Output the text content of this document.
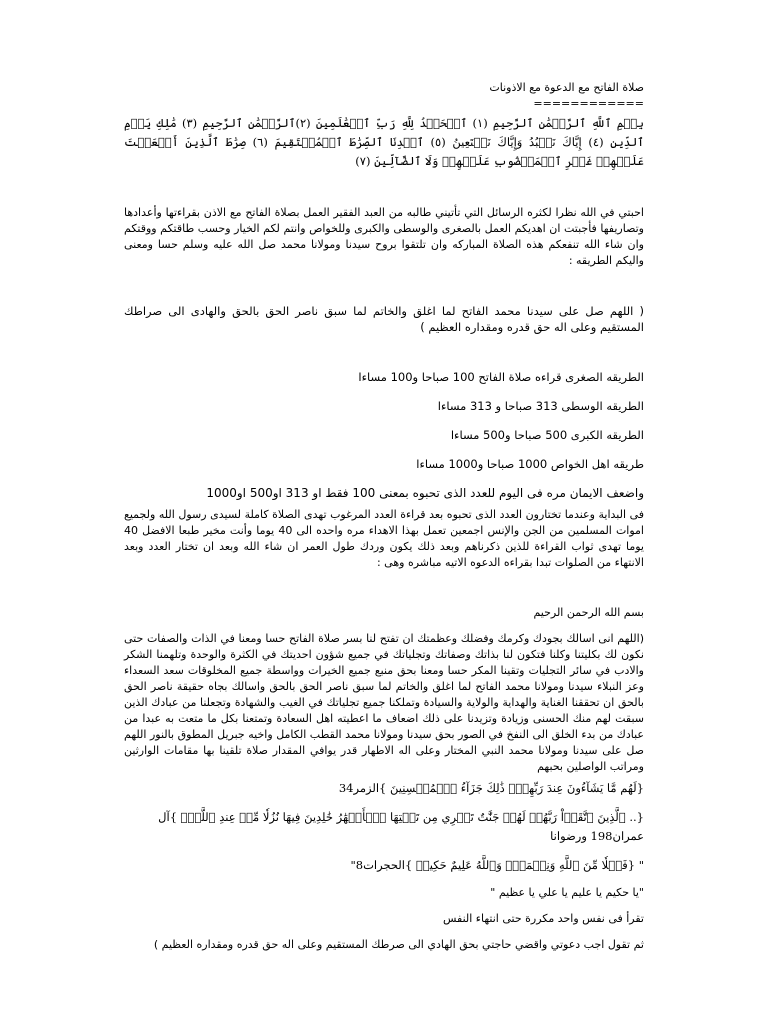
صلاة الفاتح مع الدعوة مع الاذونات

============

بِسۡمِ ٱللَّهِ ٱلرَّحۡمَٰنِ ٱلرَّحِيمِ (١) ٱلۡحَمۡدُ لِلَّهِ رَبِّ ٱلۡعَٰلَمِينَ (٢)ٱلرَّحۡمَٰنِ ٱلرَّحِيمِ (٣) مَٰلِكِ يَوۡمِ ٱلدِّينِ (٤) إِيَّاكَ نَعۡبُدُ وَإِيَّاكَ نَسۡتَعِينُ (٥) ٱهۡدِنَا ٱلصِّرَٰطَ ٱلۡمُسۡتَقِيمَ (٦) صِرَٰطَ ٱلَّذِينَ أَنۡعَمۡتَ عَلَيۡهِمۡ غَيۡرِ ٱلۡمَغۡضُوبِ عَلَيۡهِمۡ وَلَا ٱلضَّآلِّينَ (٧)

احبتي في الله نظرا لكثره الرسائل التي تأتيني طالبه من العبد الفقير العمل بصلاة الفاتح مع الاذن بقراءتها وأعدادها وتصاريفها فأجبتت ان اهديكم العمل بالصغرى والوسطى والكبرى وللخواص وانتم لكم الخيار وحسب طاقتكم ووقتكم وان شاء الله تنفعكم هذه الصلاة المباركه وان تلتقوا بروح سيدنا ومولانا محمد صل الله عليه وسلم حسا ومعنى واليكم الطريقه :

( اللهم صل على سيدنا محمد الفاتح لما اغلق والخاتم لما سبق ناصر الحق بالحق والهادى الى صراطك المستقيم وعلى اله حق قدره ومقداره العظيم )

الطريقه الصغرى قراءه صلاة الفاتح 100 صباحا و100 مساءا

الطريقه الوسطى 313 صباحا و 313 مساءا

الطريقه الكبرى 500 صباحا و500 مساءا

طريقه اهل الخواص 1000 صباحا و1000 مساءا

واضعف الايمان مره فى اليوم للعدد الذى تحبوه بمعنى 100 فقط او 313 او500 او1000

فى البداية وعندما تختارون العدد الذى تحبوه بعد قراءة العدد المرغوب تهدى الصلاة كاملة لسيدى رسول الله ولجميع اموات المسلمين من الجن والإنس اجمعين تعمل بهذا الاهداء مره واحده الى 40 يوما وأنت مخير طبعا الافضل 40 يوما تهدى ثواب القراءة للذين ذكرناهم وبعد ذلك يكون وردك طول العمر ان شاء الله وبعد ان تختار العدد وبعد الانتهاء من الصلوات تبدا بقراءه الدعوه الاتيه مباشره وهى :

بسم الله الرحمن الرحيم

(اللهم انى اسالك بجودك وكرمك وفضلك وعظمتك ان تفتح لنا بسر صلاة الفاتح حسا ومعنا في الذات والصفات حتى نكون لك بكليتنا وكلنا فتكون لنا بذاتك وصفاتك وتجلياتك في جميع شؤون احديتك في الكثرة والوحدة وتلهمنا الشكر والادب في سائر التجليات وتقينا المكر حسا ومعنا بحق منبع جميع الخيرات وواسطة جميع المخلوقات سعد السعداء وعز النبلاء سيدنا ومولانا محمد الفاتح لما اغلق والخاتم لما سبق ناصر الحق بالحق واسالك بجاه حقيقة ناصر الحق بالحق ان تحققنا الغناية والهداية والولاية والسيادة وتملكنا جميع تجلياتك في الغيب والشهادة وتجعلنا من عبادك الذين سبقت لهم منك الحسنى وزيادة وتزيدنا على ذلك اضعاف ما اعطيته اهل السعادة وتمتعنا بكل ما متعت به عبدا من عبادك من بدء الخلق الى النفخ في الصور بحق سيدنا ومولانا محمد القطب الكامل واخيه جبريل المطوق بالنور اللهم صل على سيدنا ومولانا محمد النبي المختار وعلى اله الاطهار قدر يوافي المقدار صلاة تلقينا بها مقامات الوارثين ومراتب الواصلين بحبهم

{لَهُم مَّا يَشَآءُونَ عِندَ رَبِّهِمۡۚ ذَٰلِكَ جَزَآءُ ٱلۡمُحۡسِنِينَ }الزمر34

{.. ٱلَّذِينَ ٱتَّقَوۡاْ رَبَّهُمۡ لَهُمۡ جَنَّٰتٌ تَجۡرِي مِن تَحۡتِهَا ٱلۡأَنۡهَٰرُ خَٰلِدِينَ فِيهَا نُزُلٗا مِّنۡ عِندِ ٱللَّهِۗ }آل عمران198 ورضوانا

" {فَضۡلٗا مِّنَ ٱللَّهِ وَنِعۡمَةٗۚ وَٱللَّهُ عَلِيمٌ حَكِيمٞ }الحجرات8"

"يا حكيم يا عليم يا علي يا عظيم "

تقرأ فى نفس واحد مكررة حتى انتهاء النفس

ثم تقول اجب دعوتي واقضي حاجتي بحق الهادي الى صرطك المستقيم وعلى اله حق قدره ومقداره العظيم )
